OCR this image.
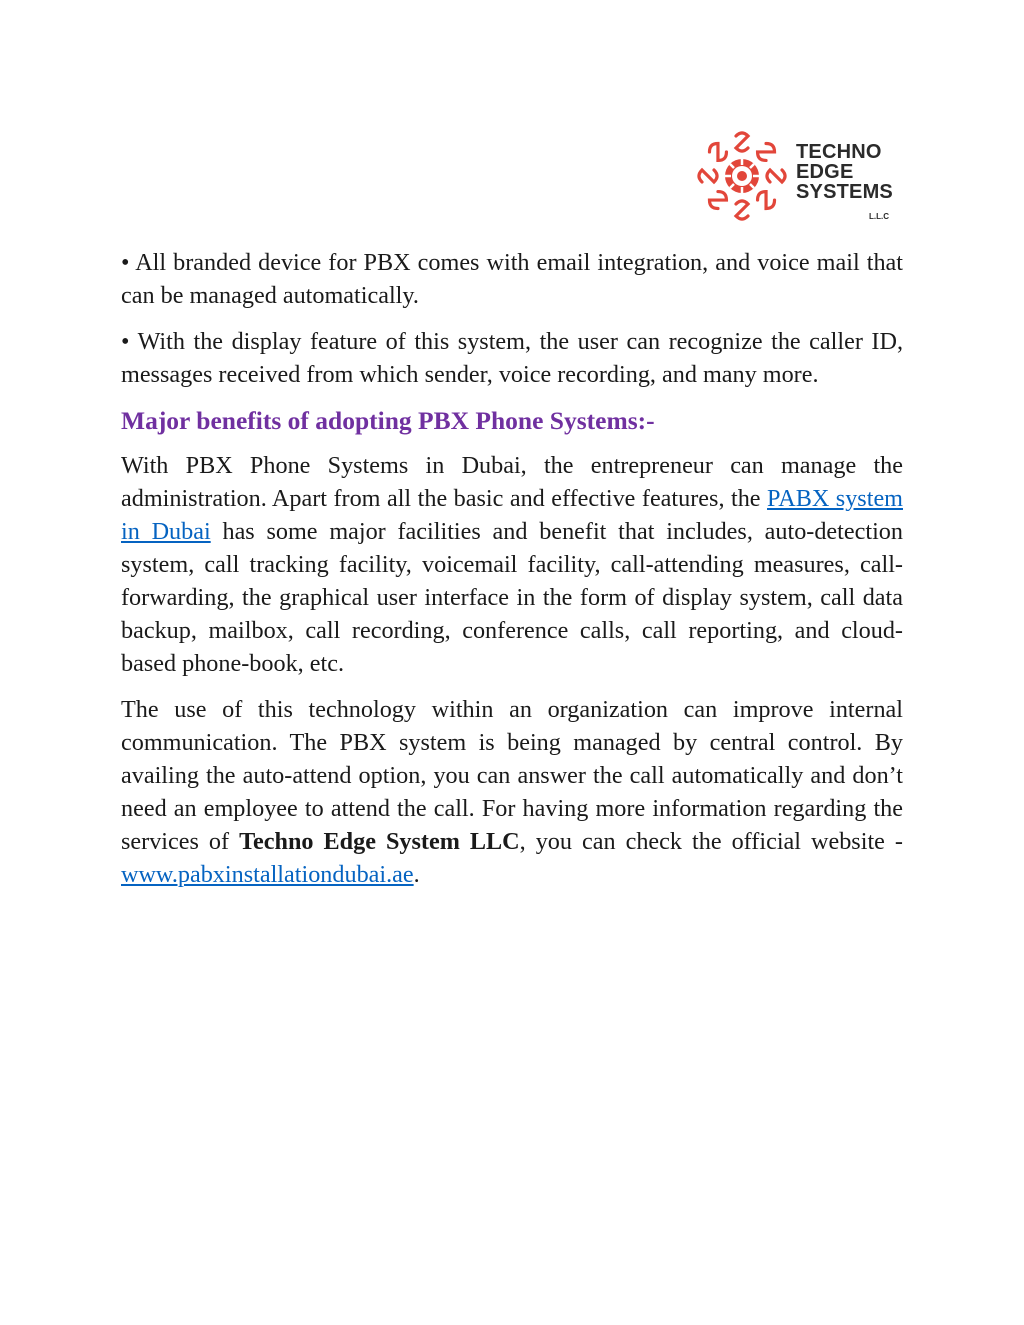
TECHNO
EDGE
SYSTEMS
L.L.C

• All branded device for PBX comes with email integration, and voice mail that can be managed automatically.

• With the display feature of this system, the user can recognize the caller ID, messages received from which sender, voice recording, and many more.

Major benefits of adopting PBX Phone Systems:-

With PBX Phone Systems in Dubai, the entrepreneur can manage the administration. Apart from all the basic and effective features, the PABX system in Dubai has some major facilities and benefit that includes, auto-detection system, call tracking facility, voicemail facility, call-attending measures, call-forwarding, the graphical user interface in the form of display system, call data backup, mailbox, call recording, conference calls, call reporting, and cloud-based phone-book, etc.

The use of this technology within an organization can improve internal communication. The PBX system is being managed by central control. By availing the auto-attend option, you can answer the call automatically and don’t need an employee to attend the call. For having more information regarding the services of Techno Edge System LLC, you can check the official website -www.pabxinstallationdubai.ae.
